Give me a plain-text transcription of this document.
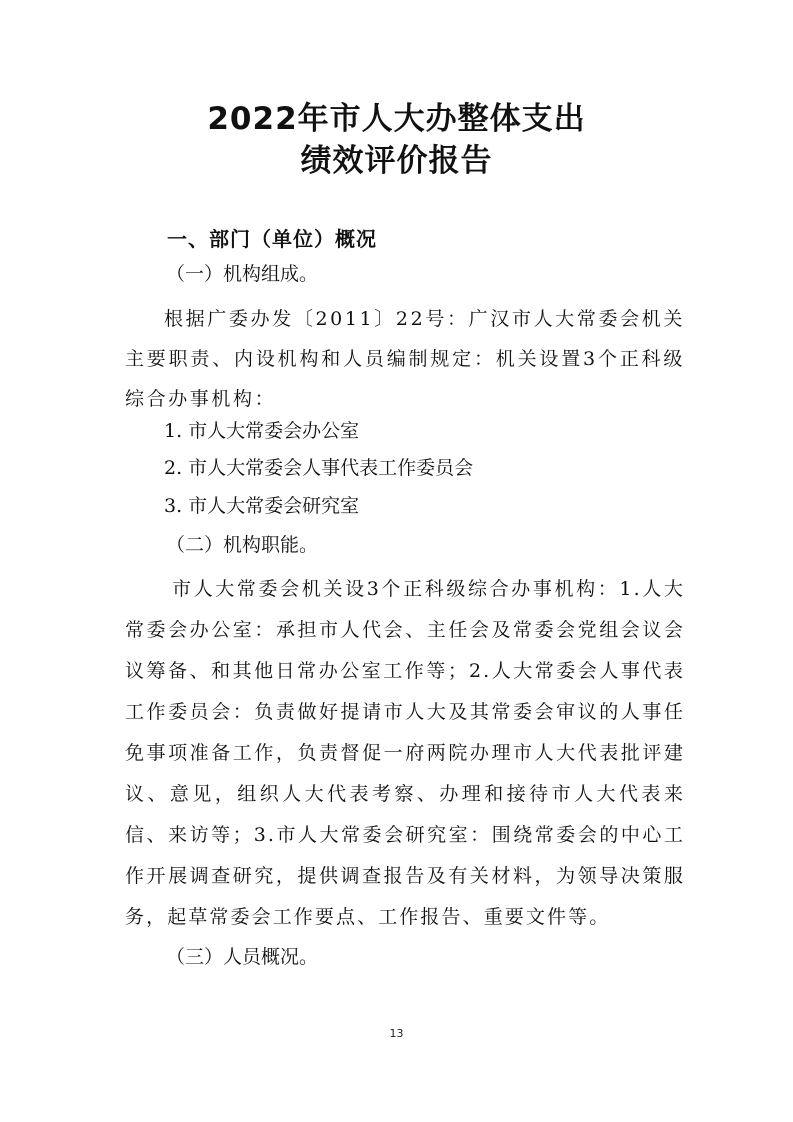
2022年市人大办整体支出
绩效评价报告
一、部门（单位）概况
（一）机构组成。
根据广委办发〔2011〕22号：广汉市人大常委会机关主要职责、内设机构和人员编制规定：机关设置3个正科级综合办事机构：
1. 市人大常委会办公室
2. 市人大常委会人事代表工作委员会
3. 市人大常委会研究室
（二）机构职能。
市人大常委会机关设3个正科级综合办事机构：1.人大常委会办公室：承担市人代会、主任会及常委会党组会议会议筹备、和其他日常办公室工作等；2.人大常委会人事代表工作委员会：负责做好提请市人大及其常委会审议的人事任免事项准备工作，负责督促一府两院办理市人大代表批评建议、意见，组织人大代表考察、办理和接待市人大代表来信、来访等；3.市人大常委会研究室：围绕常委会的中心工作开展调查研究，提供调查报告及有关材料，为领导决策服务，起草常委会工作要点、工作报告、重要文件等。
（三）人员概况。
13
